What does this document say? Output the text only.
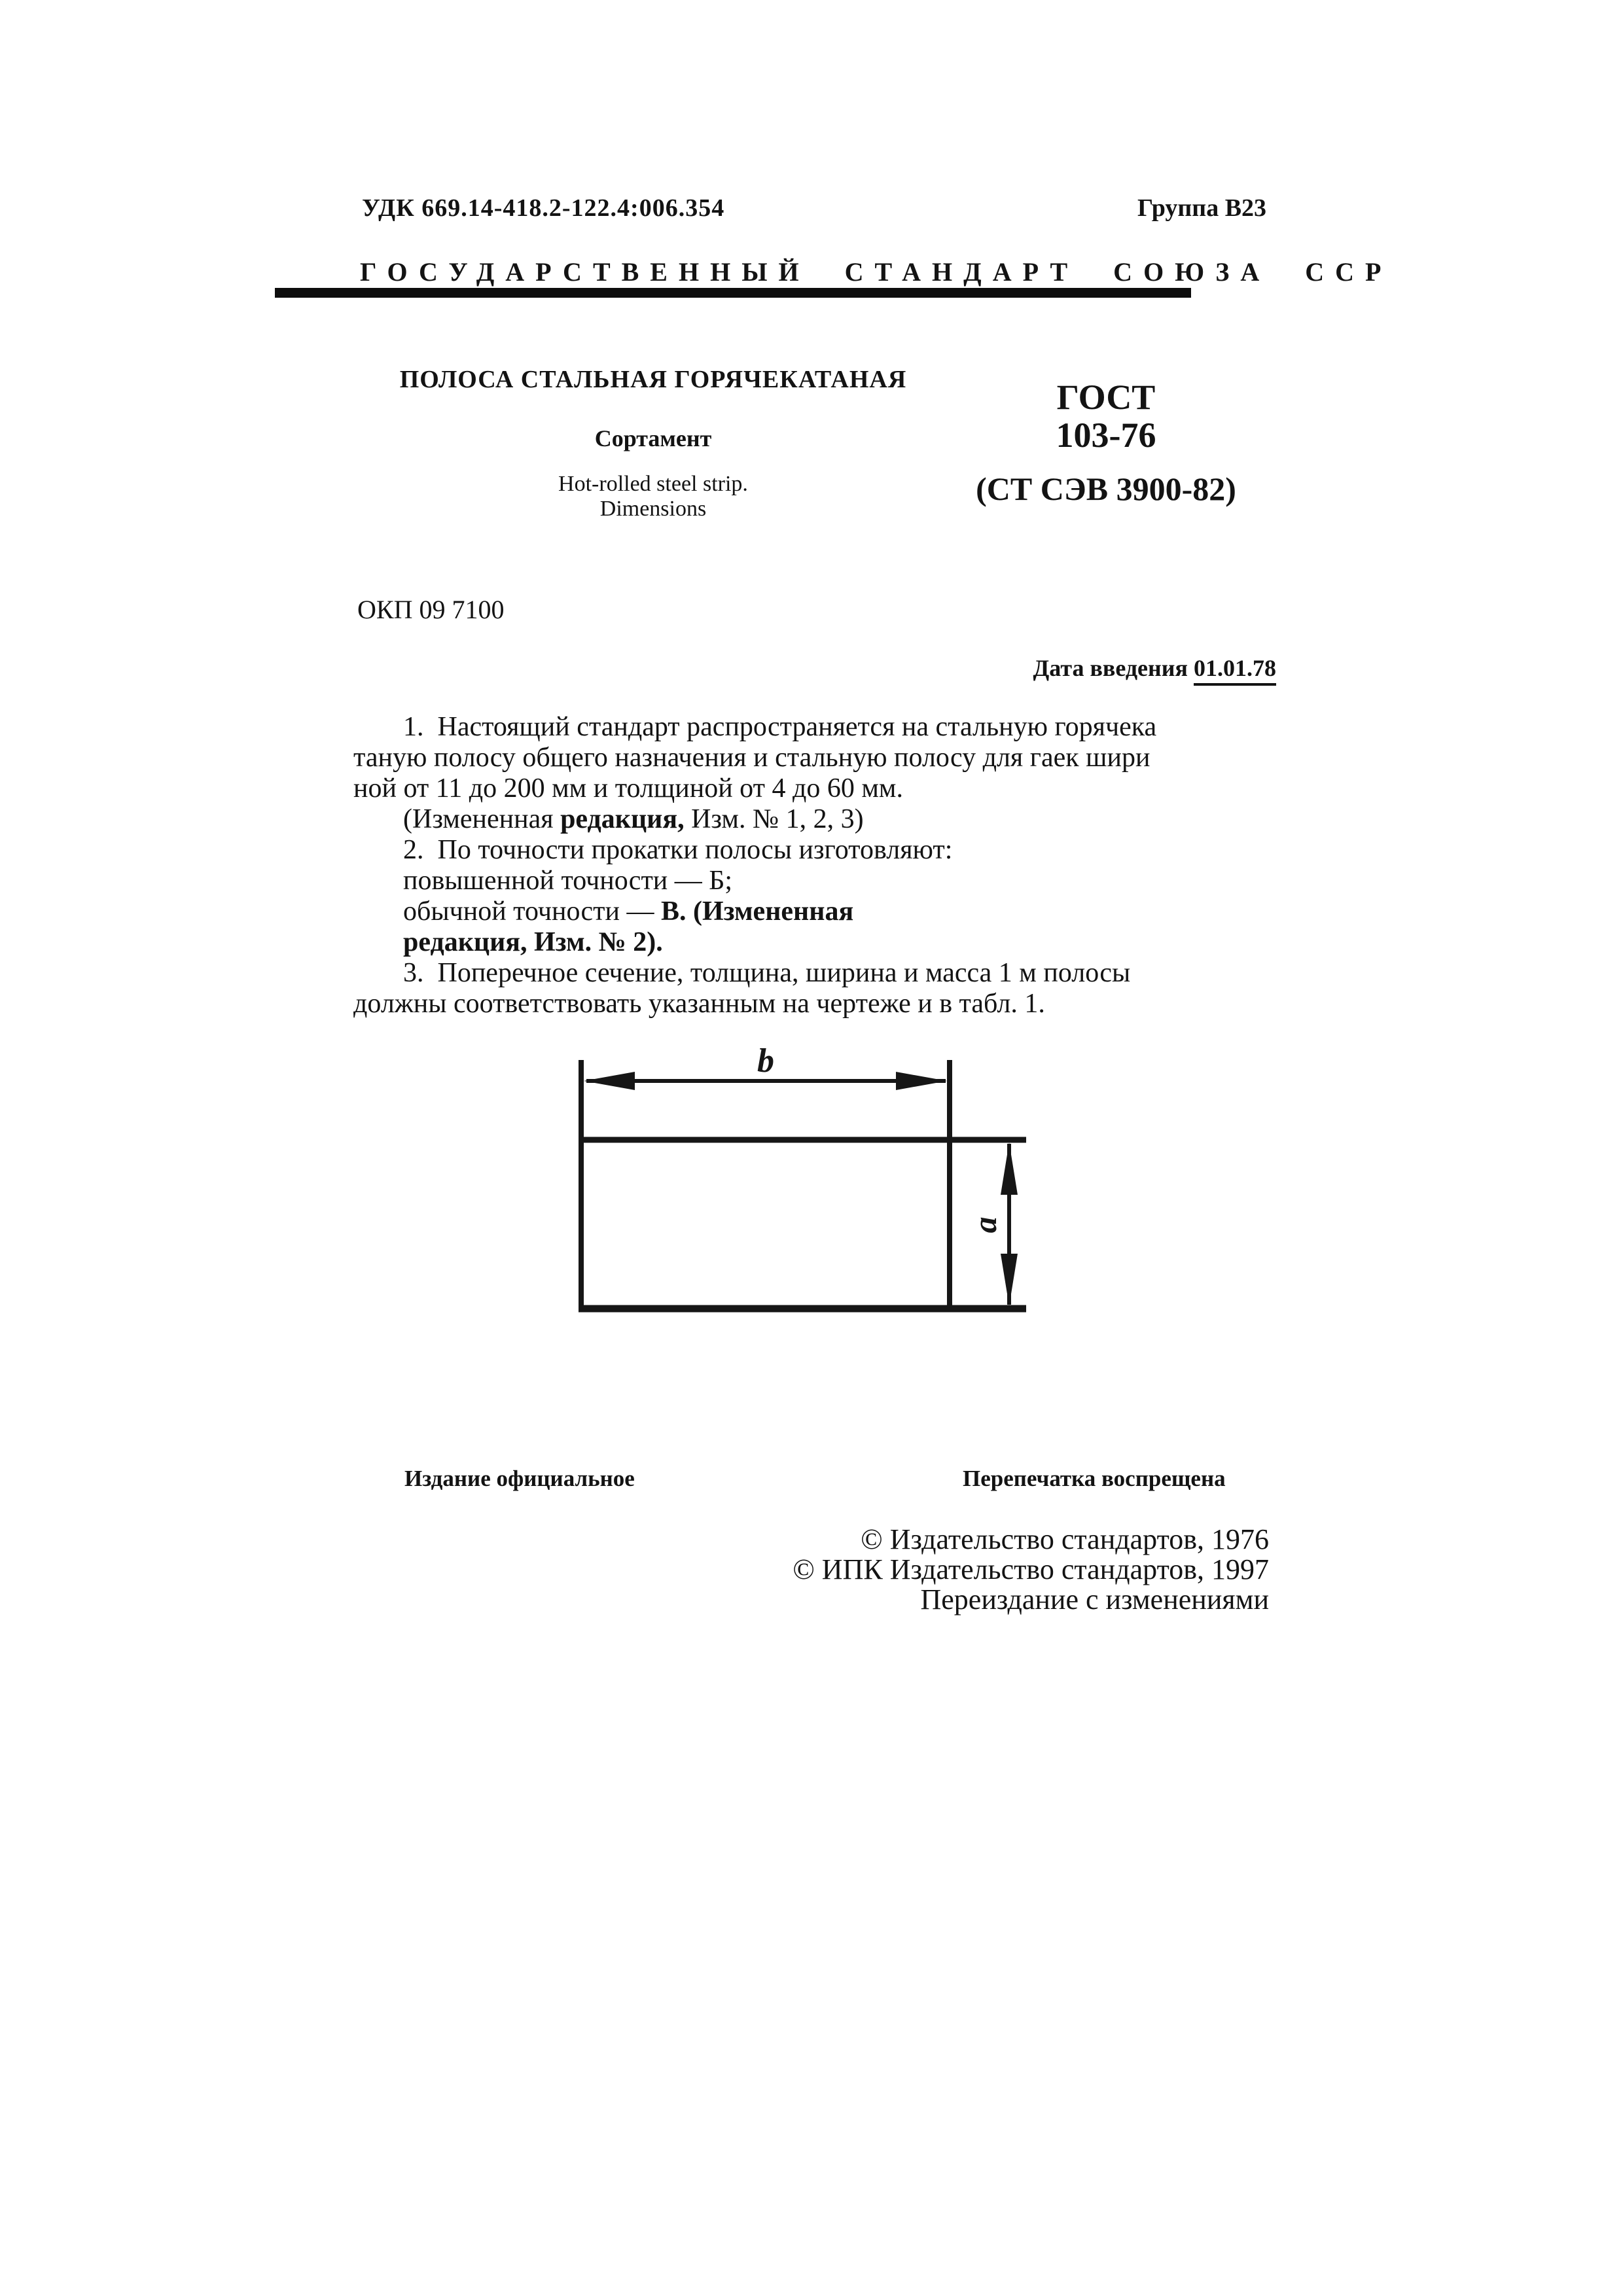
УДК 669.14-418.2-122.4:006.354	Группа В23
ГОСУДАРСТВЕННЫЙ СТАНДАРТ СОЮЗА ССР
ПОЛОСА СТАЛЬНАЯ ГОРЯЧЕКАТАНАЯ
Сортамент
Hot-rolled steel strip.
Dimensions
ГОСТ
103-76
(СТ СЭВ 3900-82)
ОКП 09 7100
Дата введения 01.01.78
1.  Настоящий стандарт распространяется на стальную горячека
таную полосу общего назначения и стальную полосу для гаек шири
ной от 11 до 200 мм и толщиной от 4 до 60 мм.
(Измененная редакция, Изм. № 1, 2, 3)
2.  По точности прокатки полосы изготовляют:
повышенной точности — Б;
обычной точности — В. (Измененная
редакция, Изм. № 2).
3.  Поперечное сечение, толщина, ширина и масса 1 м полосы
должны соответствовать указанным на чертеже и в табл. 1.
b
a
Издание официальное	Перепечатка воспрещена
© Издательство стандартов, 1976
© ИПК Издательство стандартов, 1997
Переиздание с изменениями
